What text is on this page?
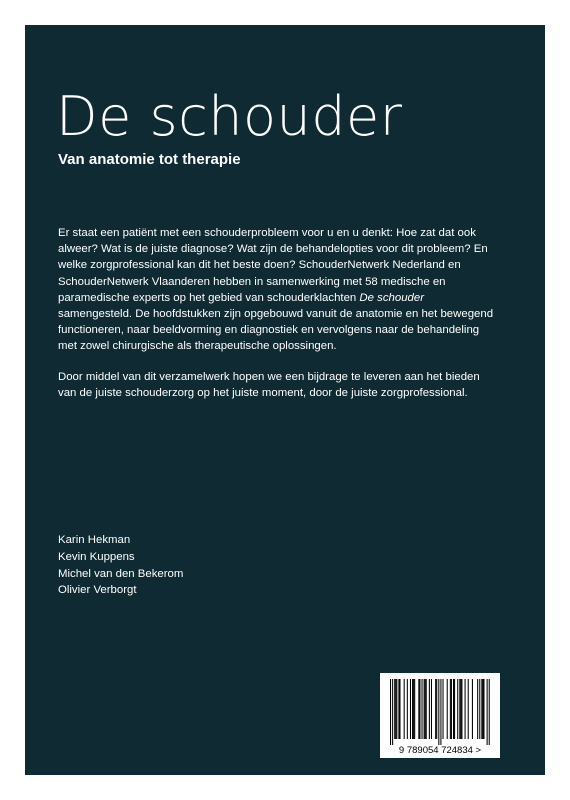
De schouder
Van anatomie tot therapie

Er staat een patiënt met een schouderprobleem voor u en u denkt: Hoe zat dat ook alweer? Wat is de juiste diagnose? Wat zijn de behandelopties voor dit probleem? En welke zorgprofessional kan dit het beste doen? SchouderNetwerk Nederland en SchouderNetwerk Vlaanderen hebben in samenwerking met 58 medische en paramedische experts op het gebied van schouderklachten De schouder samengesteld. De hoofdstukken zijn opgebouwd vanuit de anatomie en het bewegend functioneren, naar beeldvorming en diagnostiek en vervolgens naar de behandeling met zowel chirurgische als therapeutische oplossingen.

Door middel van dit verzamelwerk hopen we een bijdrage te leveren aan het bieden van de juiste schouderzorg op het juiste moment, door de juiste zorgprofessional.

Karin Hekman
Kevin Kuppens
Michel van den Bekerom
Olivier Verborgt
9 789054 724834 >
